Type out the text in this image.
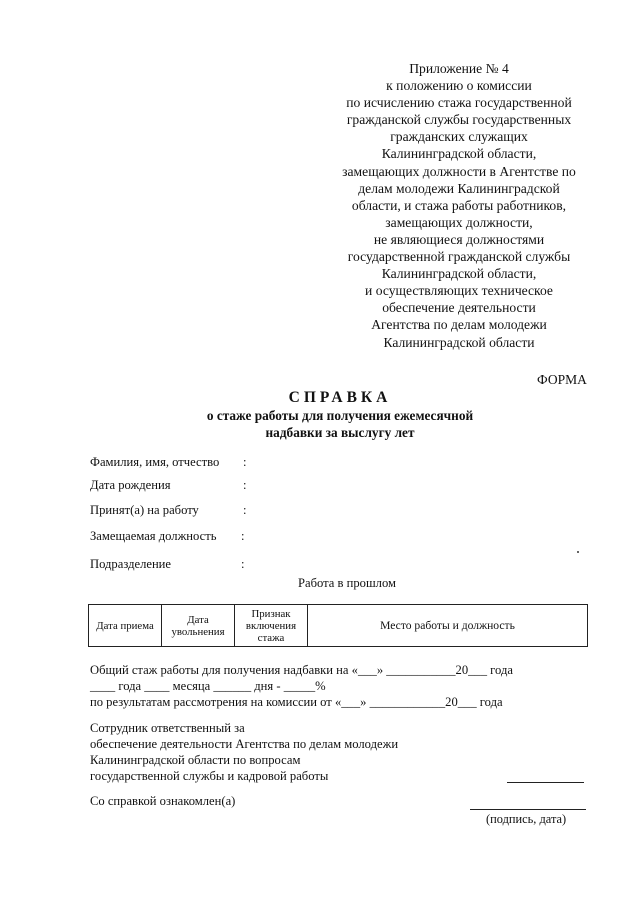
Приложение № 4
к положению о комиссии
по исчислению стажа государственной
гражданской службы государственных
гражданских служащих
Калининградской области,
замещающих должности в Агентстве по
делам молодежи Калининградской
области, и стажа работы работников,
замещающих должности,
не являющиеся должностями
государственной гражданской службы
Калининградской области,
и осуществляющих техническое
обеспечение деятельности
Агентства по делам молодежи
Калининградской области
ФОРМА
СПРАВКА
о стаже работы для получения ежемесячной
надбавки за выслугу лет
Фамилия, имя, отчество :
Дата рождения	:
Принят(а) на работу	:
Замещаемая должность :
Подразделение	:
Работа в прошлом
Дата приема	Дата увольнения	Признак включения стажа	Место работы и должность
Общий стаж работы для получения надбавки на «___» ___________20___ года
____ года ____ месяца ______ дня - _____%
по результатам рассмотрения на комиссии от «___» ____________20___ года
Сотрудник ответственный за
обеспечение деятельности Агентства по делам молодежи
Калининградской области по вопросам
государственной службы и кадровой работы
Со справкой ознакомлен(а)
(подпись, дата)
